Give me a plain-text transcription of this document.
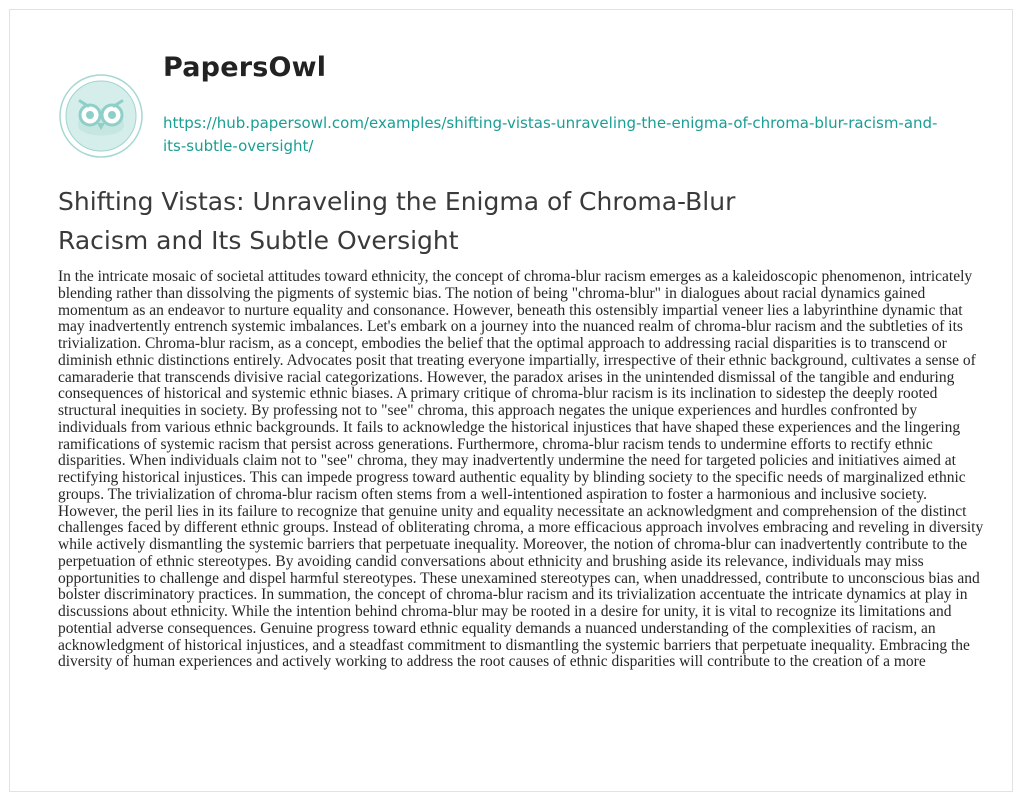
PapersOwl
https://hub.papersowl.com/examples/shifting-vistas-unraveling-the-enigma-of-chroma-blur-racism-and-its-subtle-oversight/
Shifting Vistas: Unraveling the Enigma of Chroma-Blur Racism and Its Subtle Oversight

In the intricate mosaic of societal attitudes toward ethnicity, the concept of chroma-blur racism emerges as a kaleidoscopic phenomenon, intricately blending rather than dissolving the pigments of systemic bias. The notion of being "chroma-blur" in dialogues about racial dynamics gained momentum as an endeavor to nurture equality and consonance. However, beneath this ostensibly impartial veneer lies a labyrinthine dynamic that may inadvertently entrench systemic imbalances. Let's embark on a journey into the nuanced realm of chroma-blur racism and the subtleties of its trivialization. Chroma-blur racism, as a concept, embodies the belief that the optimal approach to addressing racial disparities is to transcend or diminish ethnic distinctions entirely. Advocates posit that treating everyone impartially, irrespective of their ethnic background, cultivates a sense of camaraderie that transcends divisive racial categorizations. However, the paradox arises in the unintended dismissal of the tangible and enduring consequences of historical and systemic ethnic biases. A primary critique of chroma-blur racism is its inclination to sidestep the deeply rooted structural inequities in society. By professing not to "see" chroma, this approach negates the unique experiences and hurdles confronted by individuals from various ethnic backgrounds. It fails to acknowledge the historical injustices that have shaped these experiences and the lingering ramifications of systemic racism that persist across generations. Furthermore, chroma-blur racism tends to undermine efforts to rectify ethnic disparities. When individuals claim not to "see" chroma, they may inadvertently undermine the need for targeted policies and initiatives aimed at rectifying historical injustices. This can impede progress toward authentic equality by blinding society to the specific needs of marginalized ethnic groups. The trivialization of chroma-blur racism often stems from a well-intentioned aspiration to foster a harmonious and inclusive society. However, the peril lies in its failure to recognize that genuine unity and equality necessitate an acknowledgment and comprehension of the distinct challenges faced by different ethnic groups. Instead of obliterating chroma, a more efficacious approach involves embracing and reveling in diversity while actively dismantling the systemic barriers that perpetuate inequality. Moreover, the notion of chroma-blur can inadvertently contribute to the perpetuation of ethnic stereotypes. By avoiding candid conversations about ethnicity and brushing aside its relevance, individuals may miss opportunities to challenge and dispel harmful stereotypes. These unexamined stereotypes can, when unaddressed, contribute to unconscious bias and bolster discriminatory practices. In summation, the concept of chroma-blur racism and its trivialization accentuate the intricate dynamics at play in discussions about ethnicity. While the intention behind chroma-blur may be rooted in a desire for unity, it is vital to recognize its limitations and potential adverse consequences. Genuine progress toward ethnic equality demands a nuanced understanding of the complexities of racism, an acknowledgment of historical injustices, and a steadfast commitment to dismantling the systemic barriers that perpetuate inequality. Embracing the diversity of human experiences and actively working to address the root causes of ethnic disparities will contribute to the creation of a more
